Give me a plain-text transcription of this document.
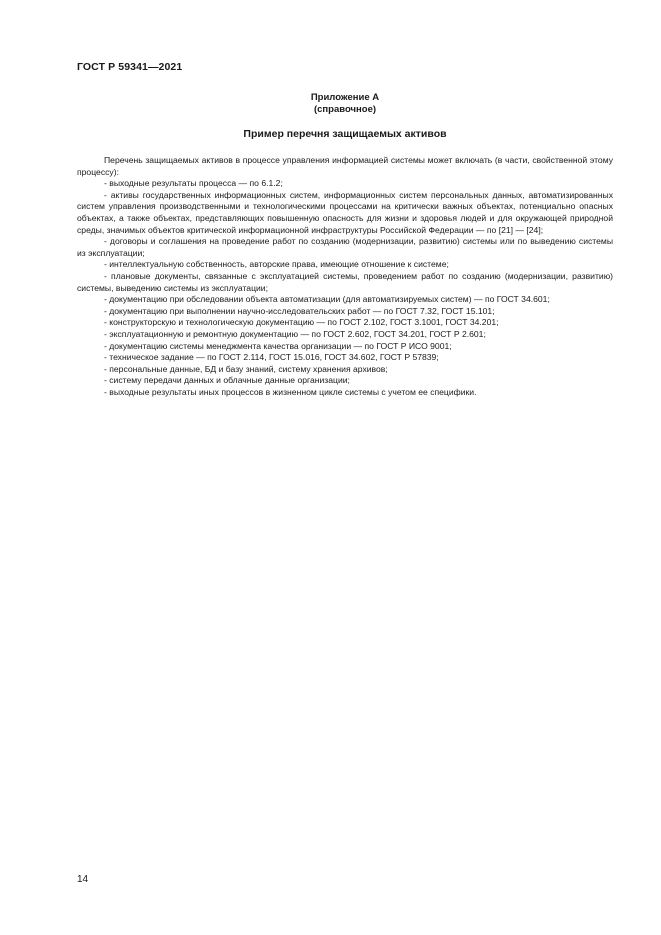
ГОСТ Р 59341—2021
Приложение А
(справочное)
Пример перечня защищаемых активов

Перечень защищаемых активов в процессе управления информацией системы может включать (в части, свойственной этому процессу):

- выходные результаты процесса — по 6.1.2;

- активы государственных информационных систем, информационных систем персональных данных, автоматизированных систем управления производственными и технологическими процессами на критически важных объектах, потенциально опасных объектах, а также объектах, представляющих повышенную опасность для жизни и здоровья людей и для окружающей природной среды, значимых объектов критической информационной инфраструктуры Российской Федерации — по [21] — [24];

- договоры и соглашения на проведение работ по созданию (модернизации, развитию) системы или по выведению системы из эксплуатации;

- интеллектуальную собственность, авторские права, имеющие отношение к системе;

- плановые документы, связанные с эксплуатацией системы, проведением работ по созданию (модернизации, развитию) системы, выведению системы из эксплуатации;

- документацию при обследовании объекта автоматизации (для автоматизируемых систем) — по ГОСТ 34.601;

- документацию при выполнении научно-исследовательских работ — по ГОСТ 7.32, ГОСТ 15.101;

- конструкторскую и технологическую документацию — по ГОСТ 2.102, ГОСТ 3.1001, ГОСТ 34.201;

- эксплуатационную и ремонтную документацию — по ГОСТ 2.602, ГОСТ 34.201, ГОСТ Р 2.601;

- документацию системы менеджмента качества организации — по ГОСТ Р ИСО 9001;

- техническое задание — по ГОСТ 2.114, ГОСТ 15.016, ГОСТ 34.602, ГОСТ Р 57839;

- персональные данные, БД и базу знаний, систему хранения архивов;

- систему передачи данных и облачные данные организации;

- выходные результаты иных процессов в жизненном цикле системы с учетом ее специфики.

14
